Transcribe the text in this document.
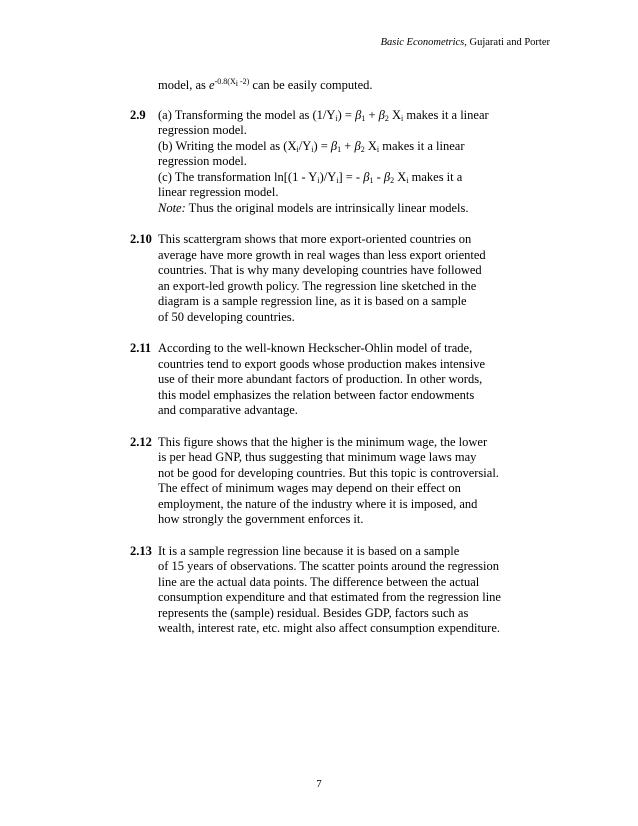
Basic Econometrics, Gujarati and Porter

model, as $e^{-0.8(Xi -2)}$ can be easily computed.

2.9 (a) Transforming the model as $(1/Y_i) = \beta_1 + \beta_2$ $X_i$ makes it a linear
regression model.
(b) Writing the model as $(X_i/Y_i) = \beta_1 + \beta_2$ $X_i$ makes it a linear
regression model.
(c) The transformation $\ln[(1 - Y_i)/Y_i]$ = - $\beta_1 - \beta_2$ $X_i$ makes it a
linear regression model.
Note: Thus the original models are intrinsically linear models.
2.10 This scattergram shows that more export-oriented countries on
average have more growth in real wages than less export oriented
countries. That is why many developing countries have followed
an export-led growth policy. The regression line sketched in the
diagram is a sample regression line, as it is based on a sample
of 50 developing countries.
2.11 According to the well-known Heckscher-Ohlin model of trade,
countries tend to export goods whose production makes intensive
use of their more abundant factors of production. In other words,
this model emphasizes the relation between factor endowments
and comparative advantage.
2.12 This figure shows that the higher is the minimum wage, the lower
is per head GNP, thus suggesting that minimum wage laws may
not be good for developing countries. But this topic is controversial.
The effect of minimum wages may depend on their effect on
employment, the nature of the industry where it is imposed, and
how strongly the government enforces it.
2.13 It is a sample regression line because it is based on a sample
of 15 years of observations. The scatter points around the regression
line are the actual data points. The difference between the actual
consumption expenditure and that estimated from the regression line
represents the (sample) residual. Besides GDP, factors such as
wealth, interest rate, etc. might also affect consumption expenditure.
7
